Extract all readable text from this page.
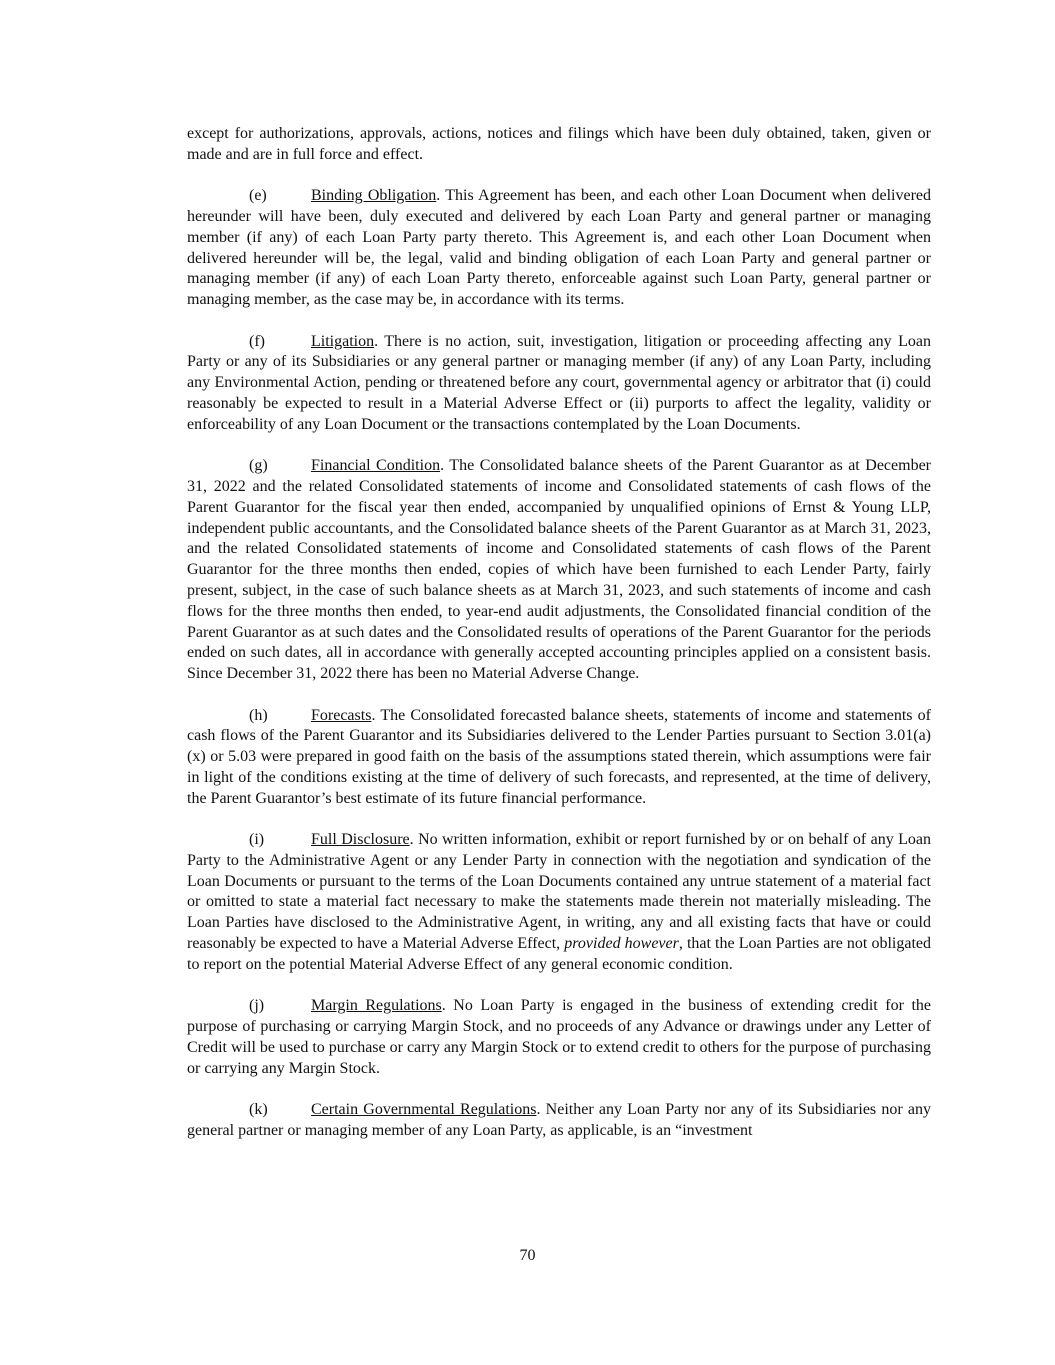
except for authorizations, approvals, actions, notices and filings which have been duly obtained, taken, given or made and are in full force and effect.

(e)	Binding Obligation. This Agreement has been, and each other Loan Document when delivered hereunder will have been, duly executed and delivered by each Loan Party and general partner or managing member (if any) of each Loan Party party thereto. This Agreement is, and each other Loan Document when delivered hereunder will be, the legal, valid and binding obligation of each Loan Party and general partner or managing member (if any) of each Loan Party thereto, enforceable against such Loan Party, general partner or managing member, as the case may be, in accordance with its terms.

(f)	Litigation. There is no action, suit, investigation, litigation or proceeding affecting any Loan Party or any of its Subsidiaries or any general partner or managing member (if any) of any Loan Party, including any Environmental Action, pending or threatened before any court, governmental agency or arbitrator that (i) could reasonably be expected to result in a Material Adverse Effect or (ii) purports to affect the legality, validity or enforceability of any Loan Document or the transactions contemplated by the Loan Documents.

(g)	Financial Condition. The Consolidated balance sheets of the Parent Guarantor as at December 31, 2022 and the related Consolidated statements of income and Consolidated statements of cash flows of the Parent Guarantor for the fiscal year then ended, accompanied by unqualified opinions of Ernst & Young LLP, independent public accountants, and the Consolidated balance sheets of the Parent Guarantor as at March 31, 2023, and the related Consolidated statements of income and Consolidated statements of cash flows of the Parent Guarantor for the three months then ended, copies of which have been furnished to each Lender Party, fairly present, subject, in the case of such balance sheets as at March 31, 2023, and such statements of income and cash flows for the three months then ended, to year-end audit adjustments, the Consolidated financial condition of the Parent Guarantor as at such dates and the Consolidated results of operations of the Parent Guarantor for the periods ended on such dates, all in accordance with generally accepted accounting principles applied on a consistent basis. Since December 31, 2022 there has been no Material Adverse Change.

(h)	Forecasts. The Consolidated forecasted balance sheets, statements of income and statements of cash flows of the Parent Guarantor and its Subsidiaries delivered to the Lender Parties pursuant to Section 3.01(a)(x) or 5.03 were prepared in good faith on the basis of the assumptions stated therein, which assumptions were fair in light of the conditions existing at the time of delivery of such forecasts, and represented, at the time of delivery, the Parent Guarantor’s best estimate of its future financial performance.

(i)	Full Disclosure. No written information, exhibit or report furnished by or on behalf of any Loan Party to the Administrative Agent or any Lender Party in connection with the negotiation and syndication of the Loan Documents or pursuant to the terms of the Loan Documents contained any untrue statement of a material fact or omitted to state a material fact necessary to make the statements made therein not materially misleading. The Loan Parties have disclosed to the Administrative Agent, in writing, any and all existing facts that have or could reasonably be expected to have a Material Adverse Effect, provided however, that the Loan Parties are not obligated to report on the potential Material Adverse Effect of any general economic condition.

(j)	Margin Regulations. No Loan Party is engaged in the business of extending credit for the purpose of purchasing or carrying Margin Stock, and no proceeds of any Advance or drawings under any Letter of Credit will be used to purchase or carry any Margin Stock or to extend credit to others for the purpose of purchasing or carrying any Margin Stock.

(k)	Certain Governmental Regulations. Neither any Loan Party nor any of its Subsidiaries nor any general partner or managing member of any Loan Party, as applicable, is an “investment

70
